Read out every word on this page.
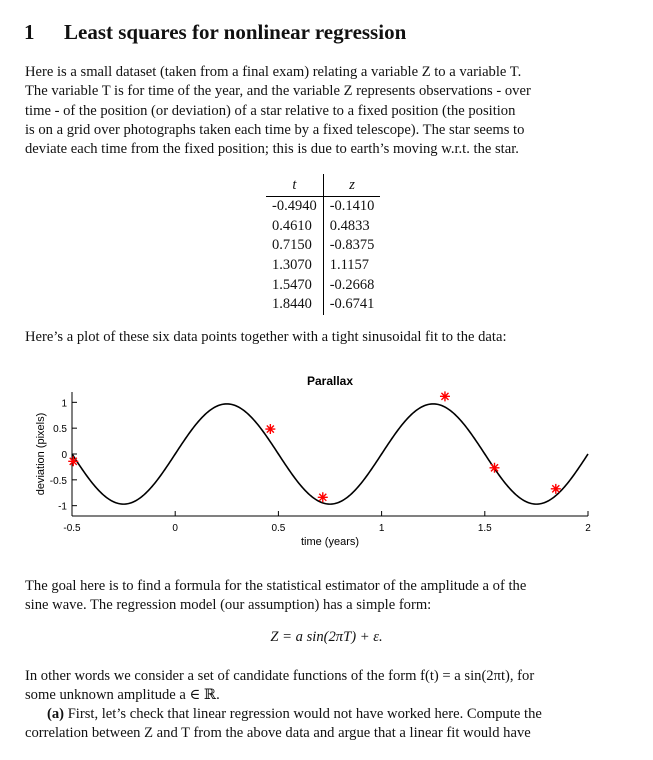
1 Least squares for nonlinear regression
Here is a small dataset (taken from a final exam) relating a variable Z to a variable T.
The variable T is for time of the year, and the variable Z represents observations - over
time - of the position (or deviation) of a star relative to a fixed position (the position
is on a grid over photographs taken each time by a fixed telescope). The star seems to
deviate each time from the fixed position; this is due to earth’s moving w.r.t. the star.
t	z
-0.4940	-0.1410
0.4610	0.4833
0.7150	-0.8375
1.3070	1.1157
1.5470	-0.2668
1.8440	-0.6741
Here’s a plot of these six data points together with a tight sinusoidal fit to the data:
Parallax
1
0.5
0
-0.5
-1
-0.5	0	0.5	1	1.5	2
time (years)
deviation (pixels)
The goal here is to find a formula for the statistical estimator of the amplitude a of the
sine wave. The regression model (our assumption) has a simple form:
Z = a sin(2πT) + ε.
In other words we consider a set of candidate functions of the form f(t) = a sin(2πt), for
some unknown amplitude a ∈ ℝ.
(a) First, let’s check that linear regression would not have worked here. Compute the
correlation between Z and T from the above data and argue that a linear fit would have
